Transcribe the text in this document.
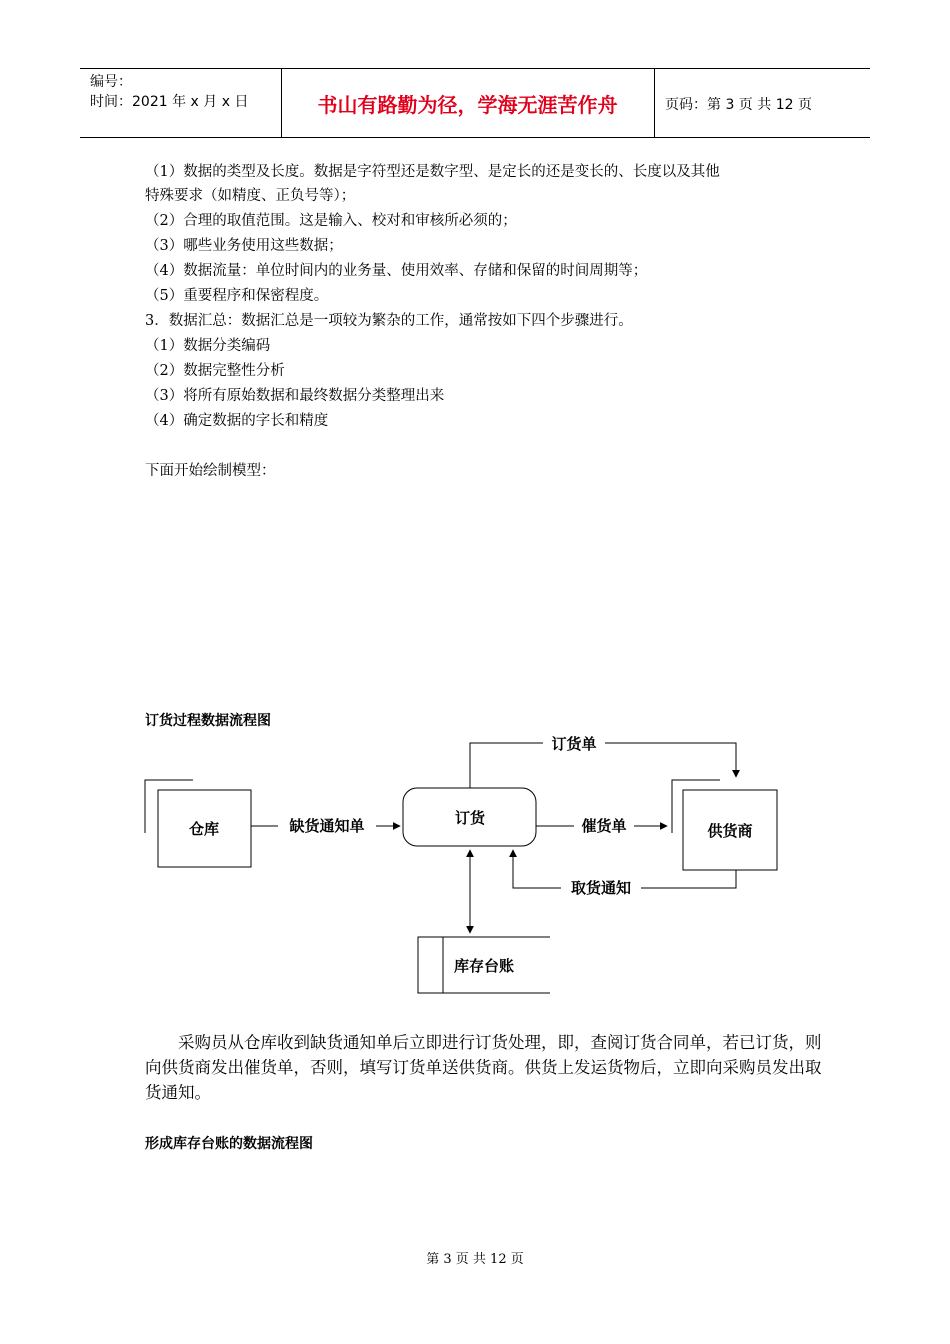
编号：
时间：2021 年 x 月 x 日	书山有路勤为径，学海无涯苦作舟	页码：第 3 页 共 12 页
（1）数据的类型及长度。数据是字符型还是数字型、是定长的还是变长的、长度以及其他
特殊要求（如精度、正负号等）；
（2）合理的取值范围。这是输入、校对和审核所必须的；
（3）哪些业务使用这些数据；
（4）数据流量：单位时间内的业务量、使用效率、存储和保留的时间周期等；
（5）重要程序和保密程度。
3．数据汇总：数据汇总是一项较为繁杂的工作，通常按如下四个步骤进行。
（1）数据分类编码
（2）数据完整性分析
（3）将所有原始数据和最终数据分类整理出来
（4）确定数据的字长和精度
下面开始绘制模型：
订货过程数据流程图
仓库
订货
供货商
库存台账
缺货通知单	催货单
订货单
取货通知
采购员从仓库收到缺货通知单后立即进行订货处理，即，查阅订货合同单，若已订货，则向供货商发出催货单，否则，填写订货单送供货商。供货上发运货物后，立即向采购员发出取货通知。
形成库存台账的数据流程图
第 3 页 共 12 页
